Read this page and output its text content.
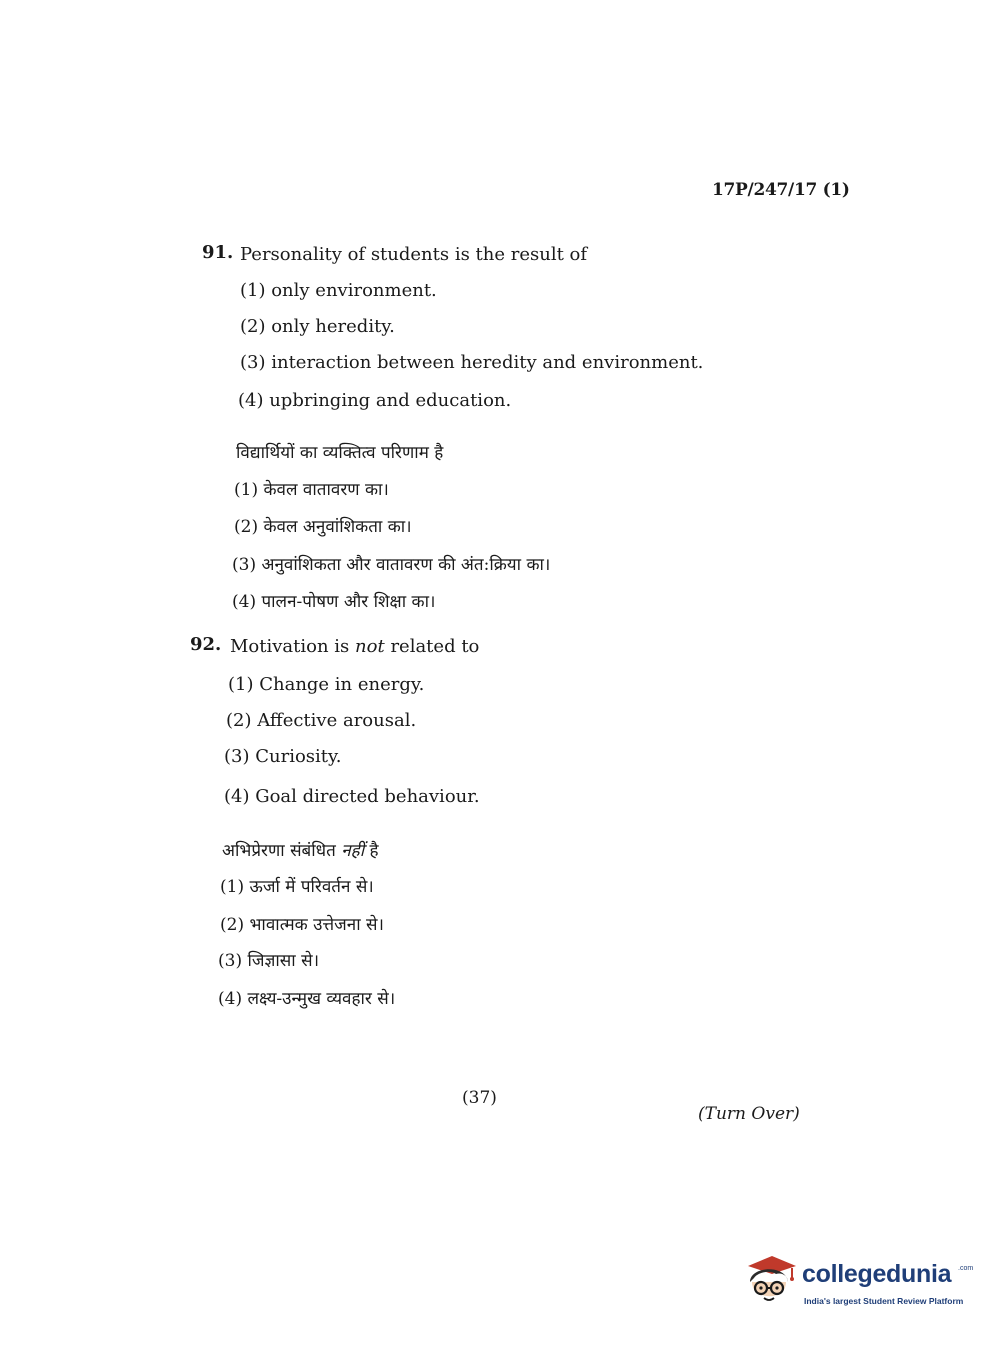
17P/247/17 (1)
91. Personality of students is the result of
(1) only environment.
(2) only heredity.
(3) interaction between heredity and environment.
(4) upbringing and education.
विद्यार्थियों का व्यक्तित्व परिणाम है
(1) केवल वातावरण का।
(2) केवल अनुवांशिकता का।
(3) अनुवांशिकता और वातावरण की अंत:क्रिया का।
(4) पालन-पोषण और शिक्षा का।
92. Motivation is not related to
(1) Change in energy.
(2) Affective arousal.
(3) Curiosity.
(4) Goal directed behaviour.
अभिप्रेरणा संबंधित नहीं है
(1) ऊर्जा में परिवर्तन से।
(2) भावात्मक उत्तेजना से।
(3) जिज्ञासा से।
(4) लक्ष्य-उन्मुख व्यवहार से।
(37)
(Turn Over)
collegedunia .com
India's largest Student Review Platform
